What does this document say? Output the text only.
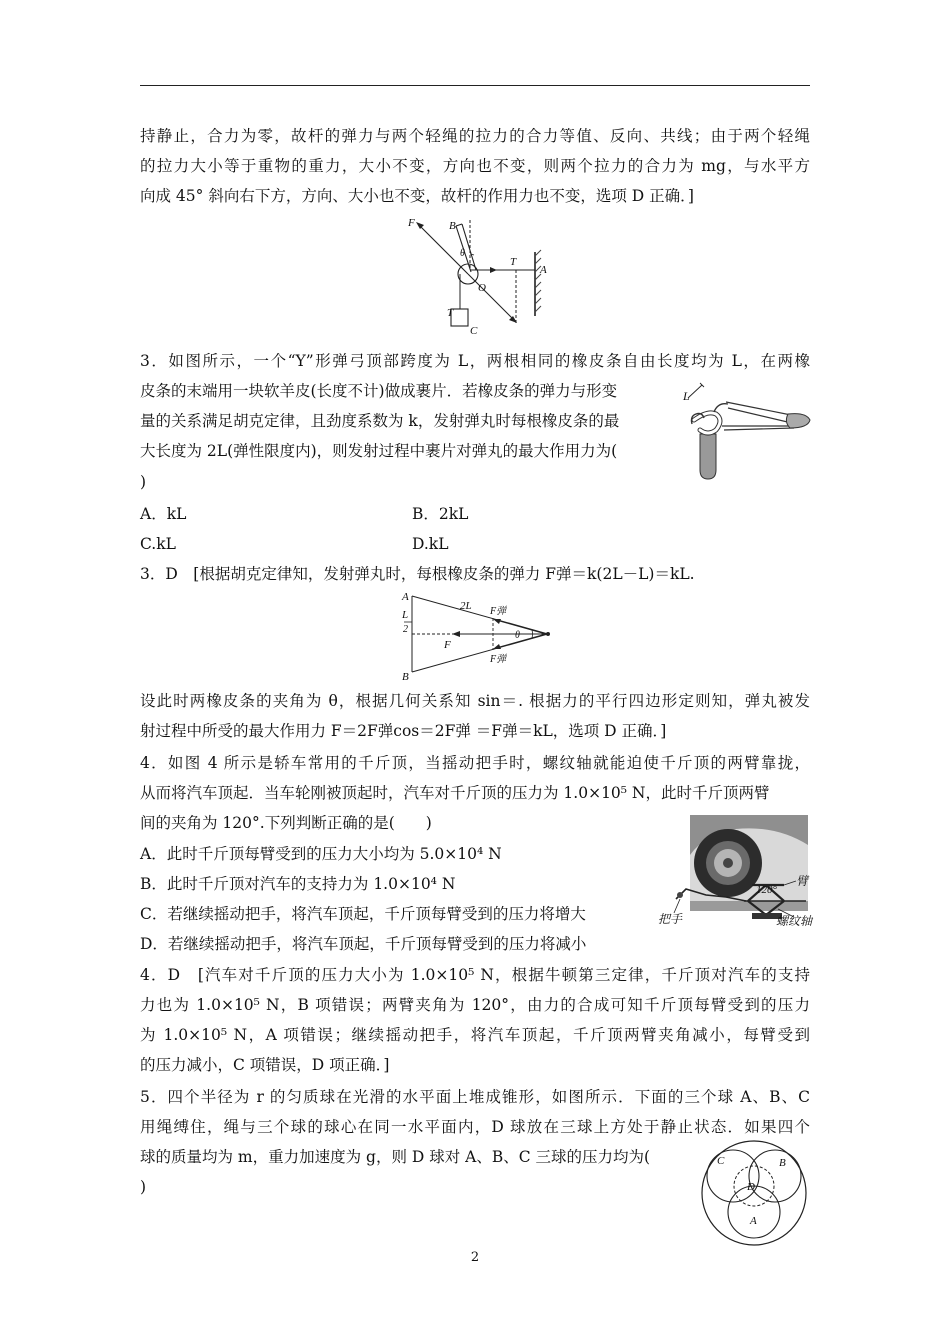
持静止，合力为零，故杆的弹力与两个轻绳的拉力的合力等值、反向、共线；由于两个轻绳
的拉力大小等于重物的重力，大小不变，方向也不变，则两个拉力的合力为 mg，与水平方
向成 45° 斜向右下方，方向、大小也不变，故杆的作用力也不变，选项 D 正确．]
F	B
θ
T
A
O
T
C
3．如图所示，一个“Y”形弹弓顶部跨度为 L，两根相同的橡皮条自由长度均为 L，在两橡
皮条的末端用一块软羊皮(长度不计)做成裹片．若橡皮条的弹力与形变
量的关系满足胡克定律，且劲度系数为 k，发射弹丸时每根橡皮条的最
大长度为 2L(弹性限度内)，则发射过程中裹片对弹丸的最大作用力为(
)
L
A．kL	B．2kL
C.kL	D.kL
3．D　[根据胡克定律知，发射弹丸时，每根橡皮条的弹力 F弹＝k(2L－L)＝kL.
A
B
L
2
2L F弹
F弹
F
θ
设此时两橡皮条的夹角为 θ，根据几何关系知 sin＝. 根据力的平行四边形定则知，弹丸被发
射过程中所受的最大作用力 F＝2F弹cos＝2F弹 ＝F弹＝kL，选项 D 正确．]
4．如图 4 所示是轿车常用的千斤顶，当摇动把手时，螺纹轴就能迫使千斤顶的两臂靠拢，
从而将汽车顶起．当车轮刚被顶起时，汽车对千斤顶的压力为 1.0×10⁵ N，此时千斤顶两臂
间的夹角为 120°.下列判断正确的是(　　)
A．此时千斤顶每臂受到的压力大小均为 5.0×10⁴ N
B．此时千斤顶对汽车的支持力为 1.0×10⁴ N
C．若继续摇动把手，将汽车顶起，千斤顶每臂受到的压力将增大
D．若继续摇动把手，将汽车顶起，千斤顶每臂受到的压力将减小
120°
臂
把手	螺纹轴
4．D　[汽车对千斤顶的压力大小为 1.0×10⁵ N，根据牛顿第三定律，千斤顶对汽车的支持
力也为 1.0×10⁵ N，B 项错误；两臂夹角为 120°，由力的合成可知千斤顶每臂受到的压力
为 1.0×10⁵ N，A 项错误；继续摇动把手，将汽车顶起，千斤顶两臂夹角减小，每臂受到
的压力减小，C 项错误，D 项正确．]
5．四个半径为 r 的匀质球在光滑的水平面上堆成锥形，如图所示．下面的三个球 A、B、C
用绳缚住，绳与三个球的球心在同一水平面内，D 球放在三球上方处于静止状态．如果四个
球的质量均为 m，重力加速度为 g，则 D 球对 A、B、C 三球的压力均为(
)
C	B
D
A
2
